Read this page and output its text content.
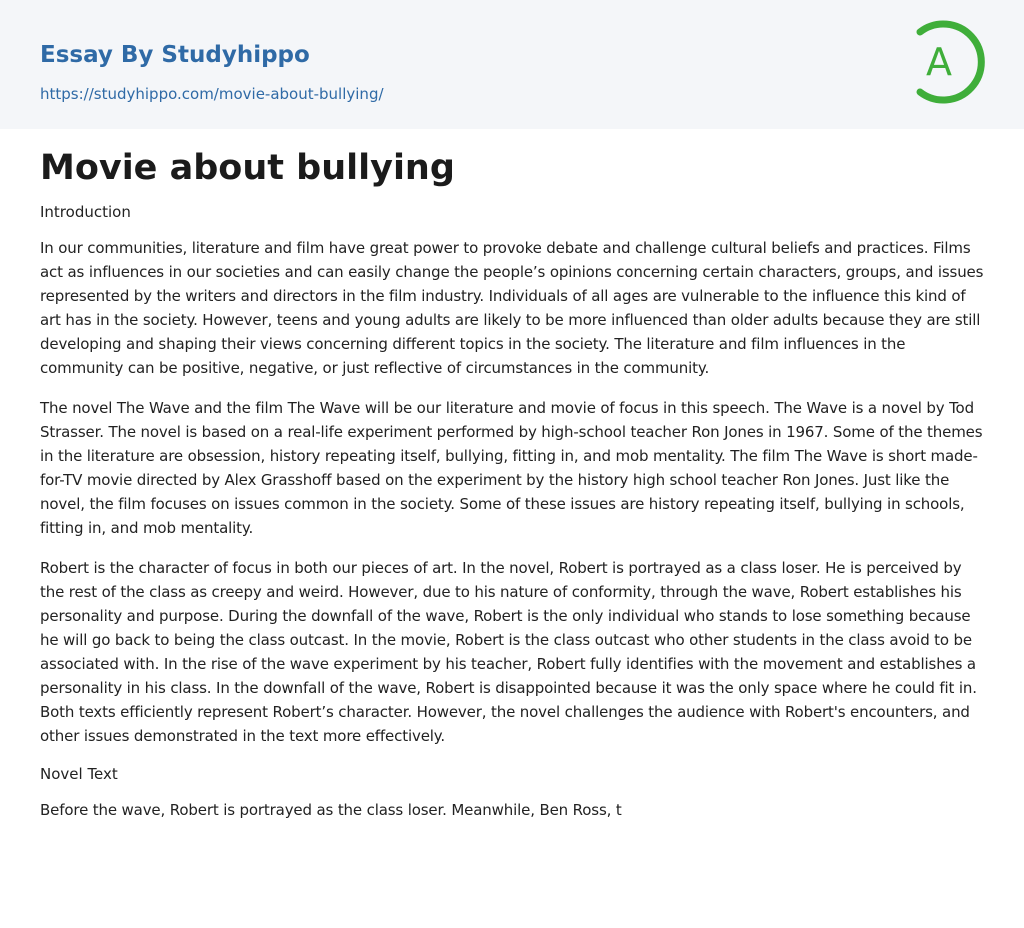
Essay By Studyhippo
https://studyhippo.com/movie-about-bullying/
A
Movie about bullying
Introduction

In our communities, literature and film have great power to provoke debate and challenge cultural beliefs and practices. Films act as influences in our societies and can easily change the people’s opinions concerning certain characters, groups, and issues represented by the writers and directors in the film industry. Individuals of all ages are vulnerable to the influence this kind of art has in the society. However, teens and young adults are likely to be more influenced than older adults because they are still developing and shaping their views concerning different topics in the society. The literature and film influences in the community can be positive, negative, or just reflective of circumstances in the community.

The novel The Wave and the film The Wave will be our literature and movie of focus in this speech. The Wave is a novel by Tod Strasser. The novel is based on a real-life experiment performed by high-school teacher Ron Jones in 1967. Some of the themes in the literature are obsession, history repeating itself, bullying, fitting in, and mob mentality. The film The Wave is short made-for-TV movie directed by Alex Grasshoff based on the experiment by the history high school teacher Ron Jones. Just like the novel, the film focuses on issues common in the society. Some of these issues are history repeating itself, bullying in schools, fitting in, and mob mentality.

Robert is the character of focus in both our pieces of art. In the novel, Robert is portrayed as a class loser. He is perceived by the rest of the class as creepy and weird. However, due to his nature of conformity, through the wave, Robert establishes his personality and purpose. During the downfall of the wave, Robert is the only individual who stands to lose something because he will go back to being the class outcast. In the movie, Robert is the class outcast who other students in the class avoid to be associated with. In the rise of the wave experiment by his teacher, Robert fully identifies with the movement and establishes a personality in his class. In the downfall of the wave, Robert is disappointed because it was the only space where he could fit in. Both texts efficiently represent Robert’s character. However, the novel challenges the audience with Robert's encounters, and other issues demonstrated in the text more effectively.

Novel Text

Before the wave, Robert is portrayed as the class loser. Meanwhile, Ben Ross, t
